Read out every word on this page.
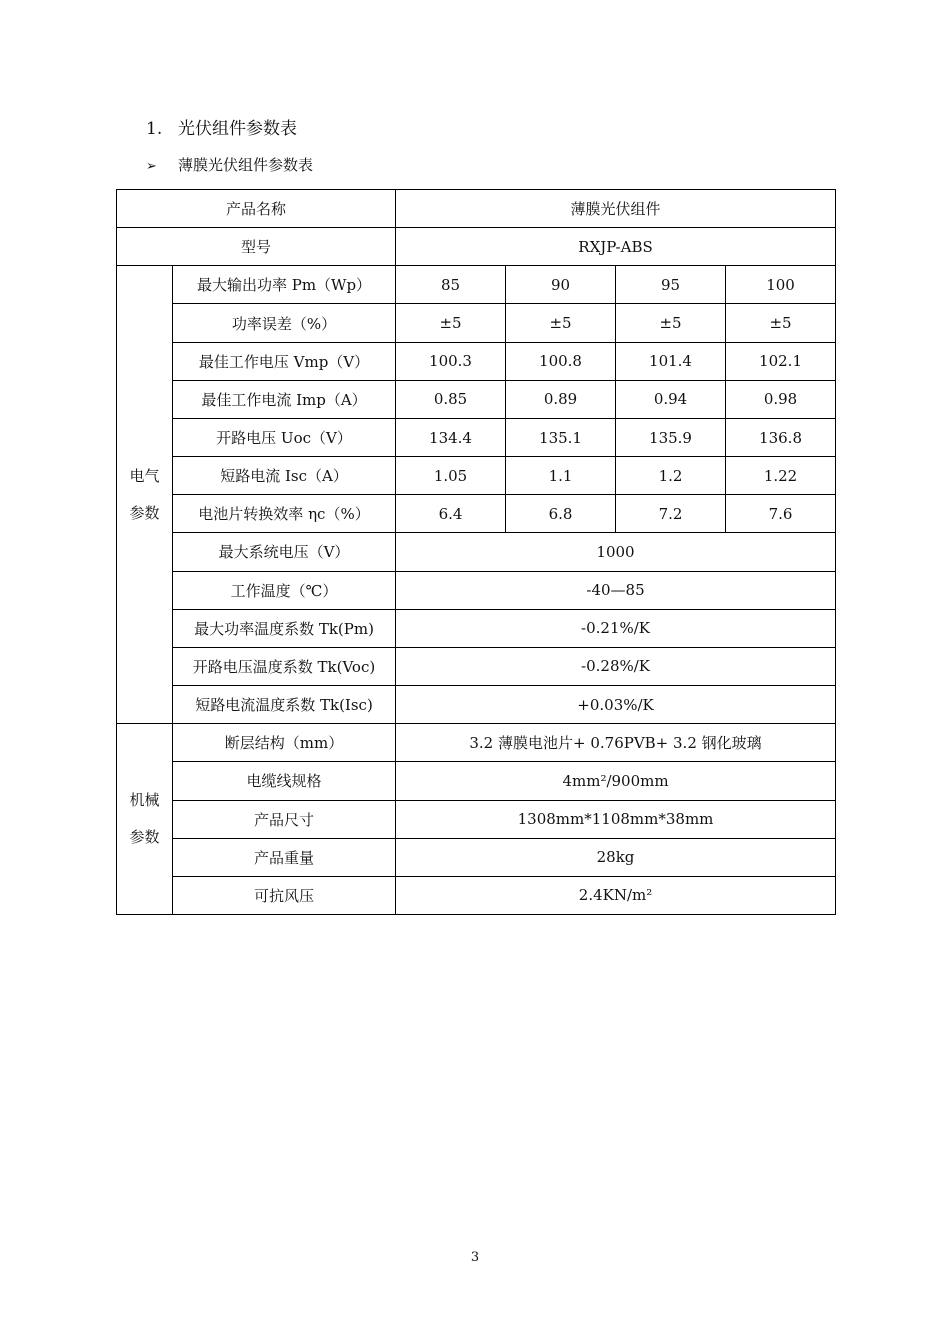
1. 光伏组件参数表
➢ 薄膜光伏组件参数表
产品名称		薄膜光伏组件			
型号		RXJP-ABS			
电气
参数	最大输出功率 Pm（Wp）	85	90	95	100
	功率误差（%）	±5	±5	±5	±5
	最佳工作电压 Vmp（V）	100.3	100.8	101.4	102.1
	最佳工作电流 Imp（A）	0.85	0.89	0.94	0.98
	开路电压 Uoc（V）	134.4	135.1	135.9	136.8
	短路电流 Isc（A）	1.05	1.1	1.2	1.22
	电池片转换效率 ηc（%）	6.4	6.8	7.2	7.6
	最大系统电压（V）	1000			
	工作温度（℃）	-40—85			
	最大功率温度系数 Tk(Pm)	-0.21%/K			
	开路电压温度系数 Tk(Voc)	-0.28%/K			
	短路电流温度系数 Tk(Isc)	+0.03%/K			
机械
参数	断层结构（mm）	3.2 薄膜电池片+ 0.76PVB+ 3.2 钢化玻璃			
	电缆线规格	4mm²/900mm			
	产品尺寸	1308mm*1108mm*38mm			
	产品重量	28kg			
	可抗风压	2.4KN/m²			
3
